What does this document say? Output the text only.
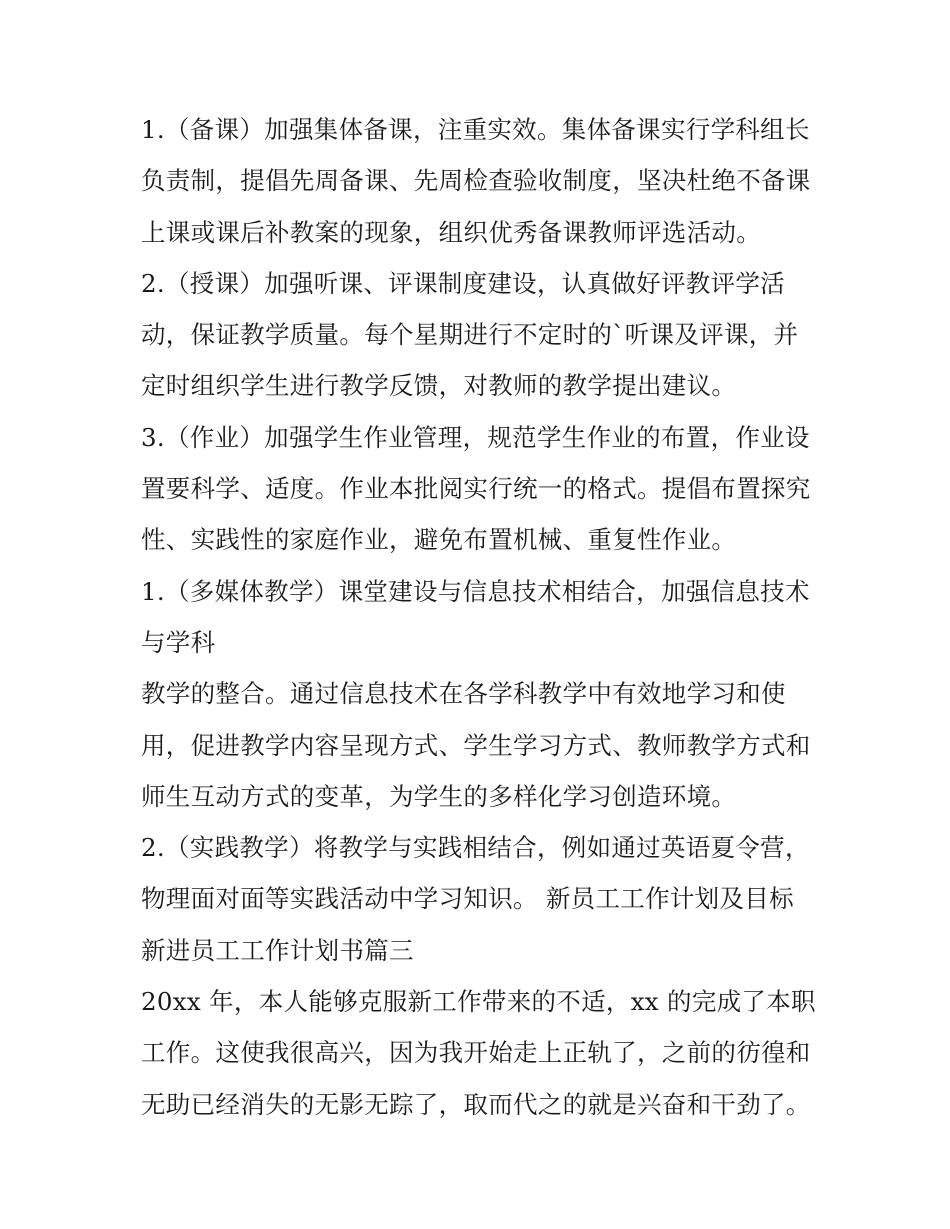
1.（备课）加强集体备课，注重实效。集体备课实行学科组长
负责制，提倡先周备课、先周检查验收制度，坚决杜绝不备课
上课或课后补教案的现象，组织优秀备课教师评选活动。
2.（授课）加强听课、评课制度建设，认真做好评教评学活
动，保证教学质量。每个星期进行不定时的`听课及评课，并
定时组织学生进行教学反馈，对教师的教学提出建议。
3.（作业）加强学生作业管理，规范学生作业的布置，作业设
置要科学、适度。作业本批阅实行统一的格式。提倡布置探究
性、实践性的家庭作业，避免布置机械、重复性作业。
1.（多媒体教学）课堂建设与信息技术相结合，加强信息技术
与学科
教学的整合。通过信息技术在各学科教学中有效地学习和使
用，促进教学内容呈现方式、学生学习方式、教师教学方式和
师生互动方式的变革，为学生的多样化学习创造环境。
2.（实践教学）将教学与实践相结合，例如通过英语夏令营，
物理面对面等实践活动中学习知识。 新员工工作计划及目标
新进员工工作计划书篇三
20xx 年，本人能够克服新工作带来的不适，xx 的完成了本职
工作。这使我很高兴，因为我开始走上正轨了，之前的彷徨和
无助已经消失的无影无踪了，取而代之的就是兴奋和干劲了。
